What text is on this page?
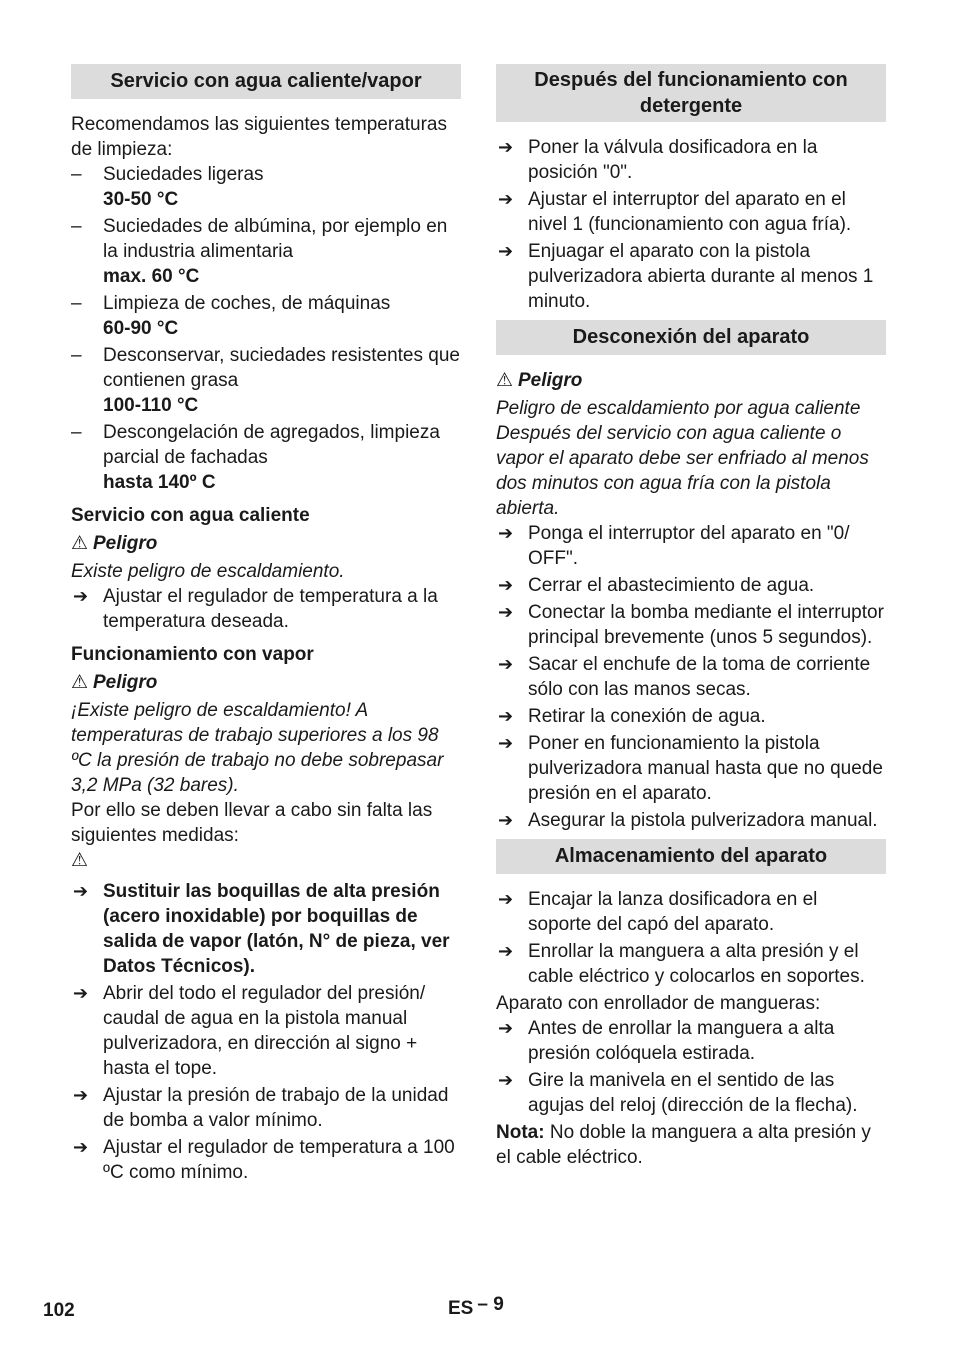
Servicio con agua caliente/vapor

Recomendamos las siguientes temperaturas de limpieza:

– Suciedades ligeras

30-50 °C

– Suciedades de albúmina, por ejemplo en la industria alimentaria

max. 60 °C

– Limpieza de coches, de máquinas

60-90 °C

– Desconservar, suciedades resistentes que contienen grasa

100-110 °C

– Descongelación de agregados, limpieza parcial de fachadas

hasta 140º C

Servicio con agua caliente

⚠ Peligro

Existe peligro de escaldamiento.

➔ Ajustar el regulador de temperatura a la temperatura deseada.

Funcionamiento con vapor

⚠ Peligro

¡Existe peligro de escaldamiento! A temperaturas de trabajo superiores a los 98 ºC la presión de trabajo no debe sobrepasar 3,2 MPa (32 bares).

Por ello se deben llevar a cabo sin falta las siguientes medidas:

⚠

➔ Sustituir las boquillas de alta presión (acero inoxidable) por boquillas de salida de vapor (latón, N° de pieza, ver Datos Técnicos).
➔ Abrir del todo el regulador del presión/ caudal de agua en la pistola manual pulverizadora, en dirección al signo + hasta el tope.
➔ Ajustar la presión de trabajo de la unidad de bomba a valor mínimo.
➔ Ajustar el regulador de temperatura a 100 ºC como mínimo.
Después del funcionamiento con detergente
➔ Poner la válvula dosificadora en la posición "0".
➔ Ajustar el interruptor del aparato en el nivel 1 (funcionamiento con agua fría).
➔ Enjuagar el aparato con la pistola pulverizadora abierta durante al menos 1 minuto.
Desconexión del aparato

⚠ Peligro

Peligro de escaldamiento por agua caliente Después del servicio con agua caliente o vapor el aparato debe ser enfriado al menos dos minutos con agua fría con la pistola abierta.

➔ Ponga el interruptor del aparato en "0/ OFF".
➔ Cerrar el abastecimiento de agua.
➔ Conectar la bomba mediante el interruptor principal brevemente (unos 5 segundos).
➔ Sacar el enchufe de la toma de corriente sólo con las manos secas.
➔ Retirar la conexión de agua.
➔ Poner en funcionamiento la pistola pulverizadora manual hasta que no quede presión en el aparato.
➔ Asegurar la pistola pulverizadora manual.
Almacenamiento del aparato
➔ Encajar la lanza dosificadora en el soporte del capó del aparato.
➔ Enrollar la manguera a alta presión y el cable eléctrico y colocarlos en soportes.

Aparato con enrollador de mangueras:

➔ Antes de enrollar la manguera a alta presión colóquela estirada.
➔ Gire la manivela en el sentido de las agujas del reloj (dirección de la flecha).

Nota: No doble la manguera a alta presión y el cable eléctrico.

102	ES – 9
